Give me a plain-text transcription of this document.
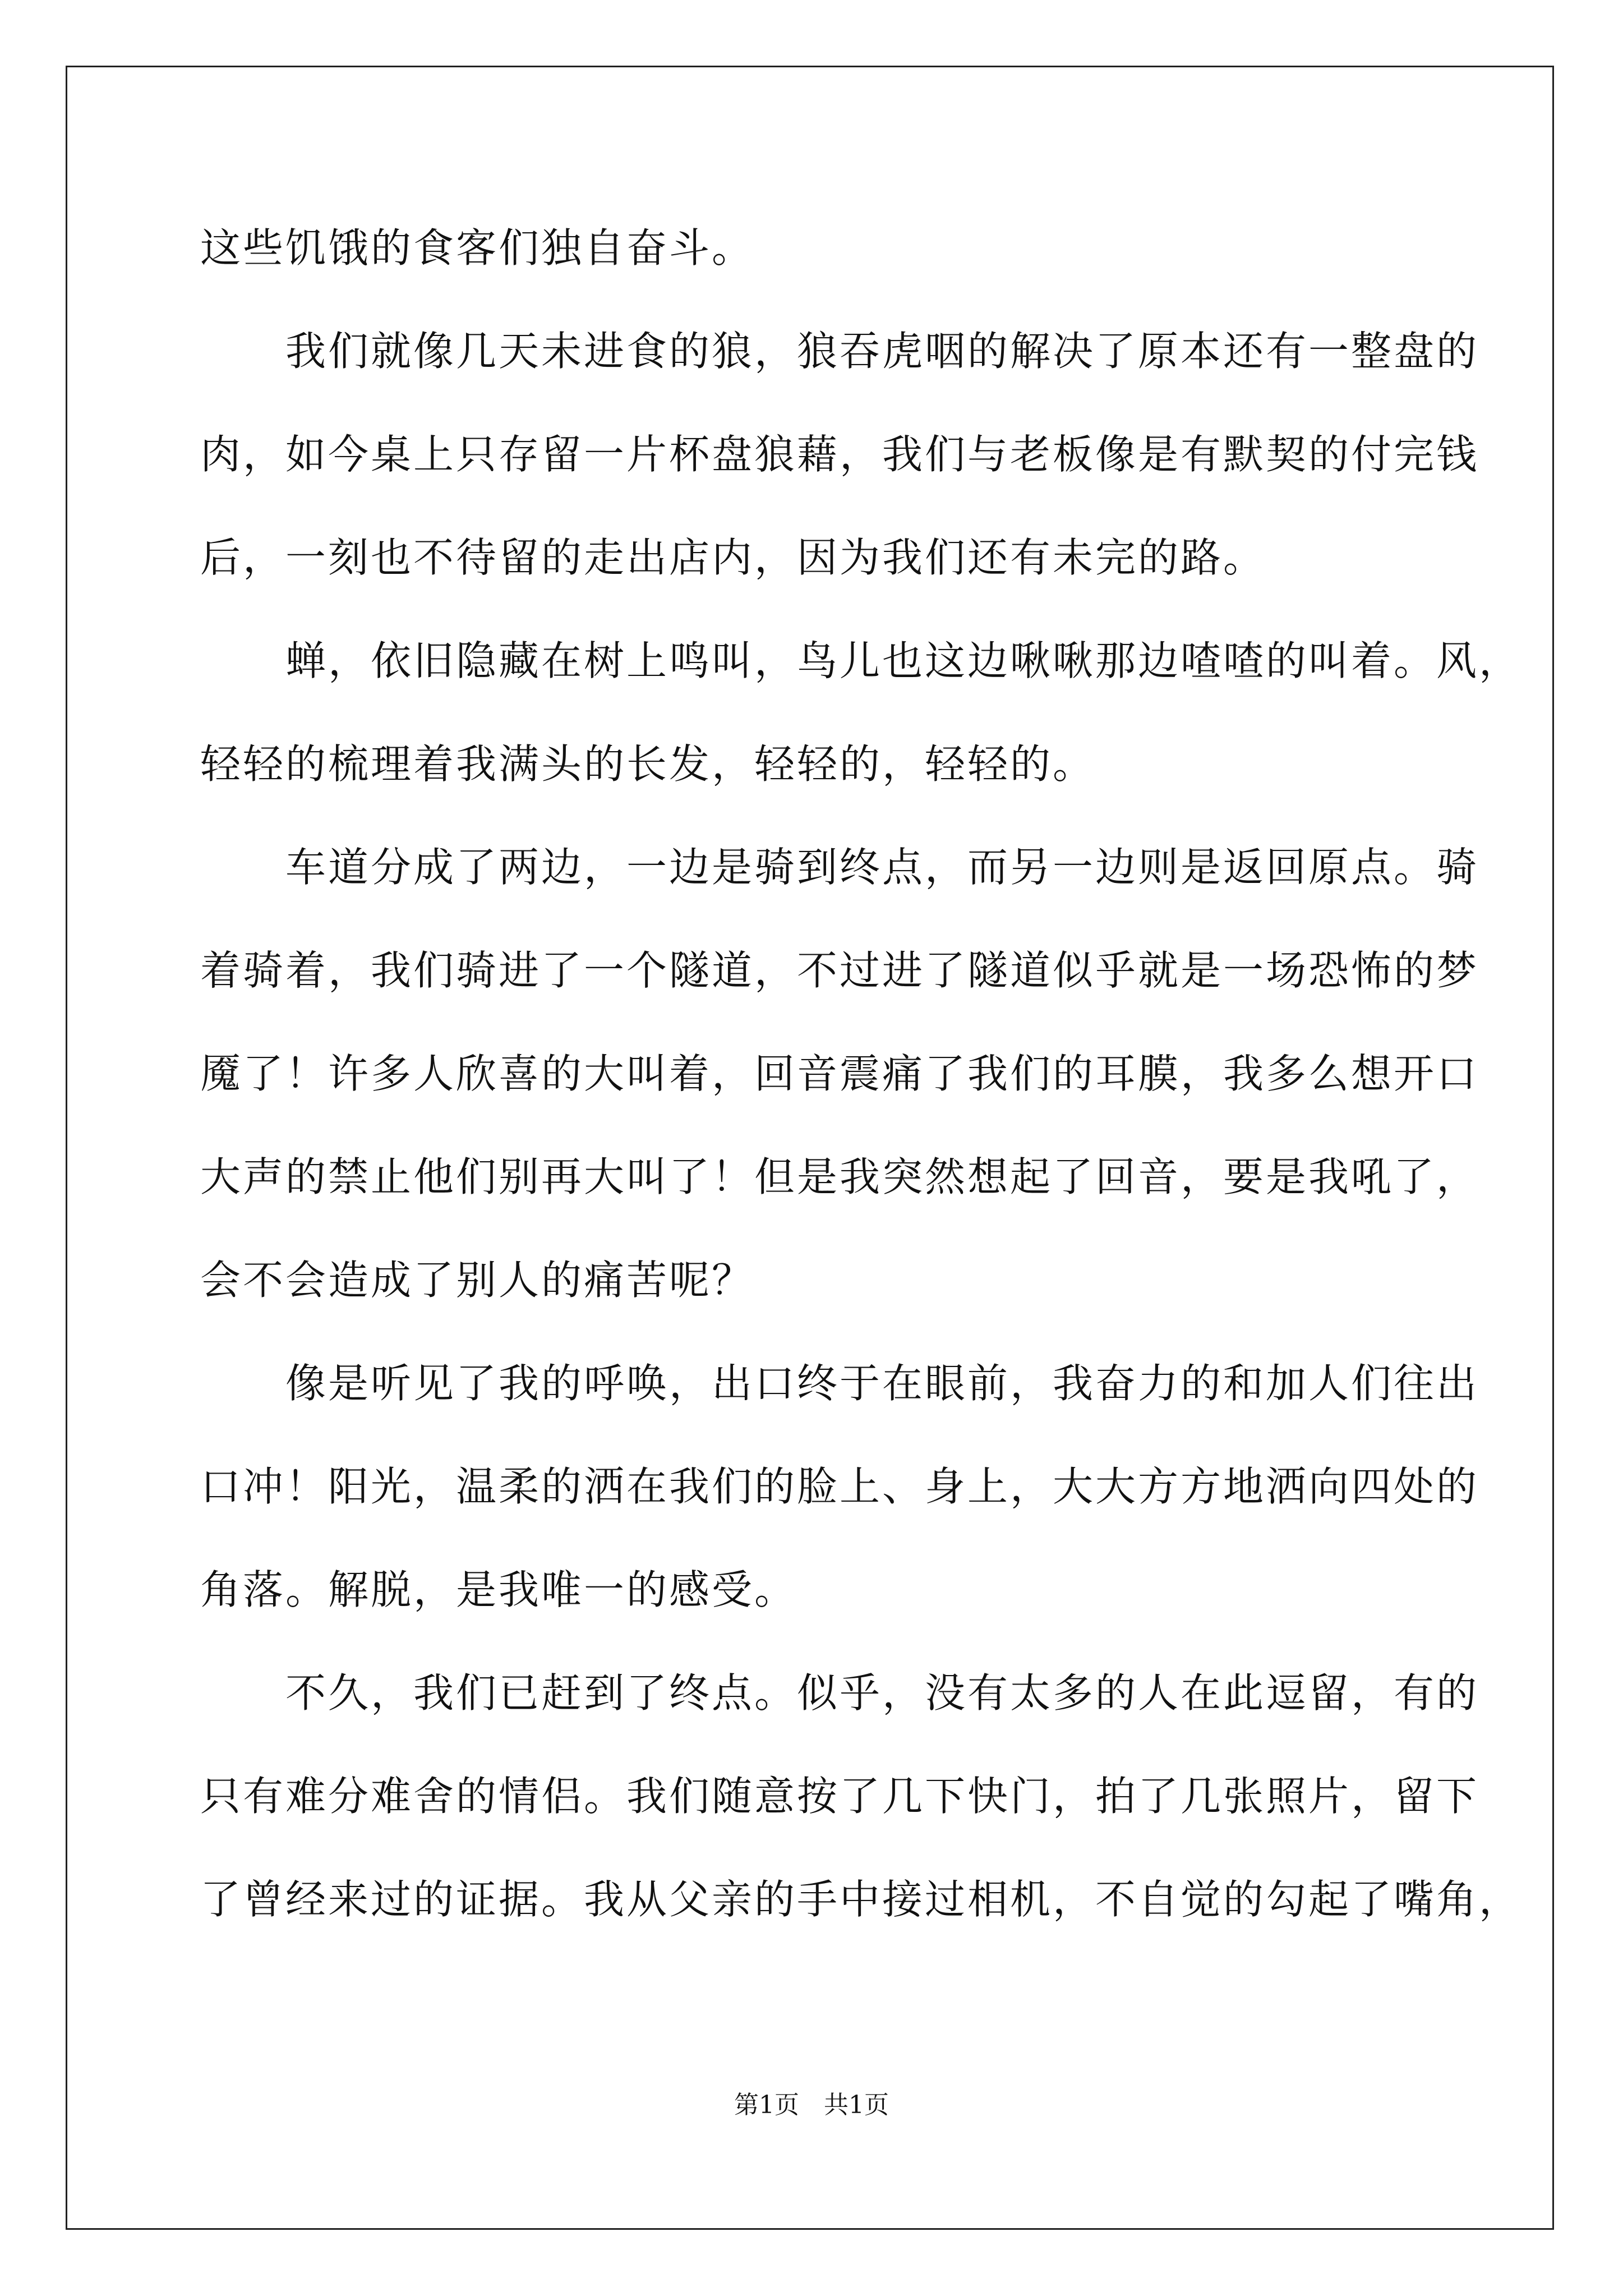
这些饥饿的食客们独自奋斗。
　　我们就像几天未进食的狼，狼吞虎咽的解决了原本还有一整盘的
肉，如今桌上只存留一片杯盘狼藉，我们与老板像是有默契的付完钱
后，一刻也不待留的走出店内，因为我们还有未完的路。
　　蝉，依旧隐藏在树上鸣叫，鸟儿也这边啾啾那边喳喳的叫着。风，
轻轻的梳理着我满头的长发，轻轻的，轻轻的。
　　车道分成了两边，一边是骑到终点，而另一边则是返回原点。骑
着骑着，我们骑进了一个隧道，不过进了隧道似乎就是一场恐怖的梦
魇了！许多人欣喜的大叫着，回音震痛了我们的耳膜，我多么想开口
大声的禁止他们别再大叫了！但是我突然想起了回音，要是我吼了，
会不会造成了别人的痛苦呢？
　　像是听见了我的呼唤，出口终于在眼前，我奋力的和加人们往出
口冲！阳光，温柔的洒在我们的脸上、身上，大大方方地洒向四处的
角落。解脱，是我唯一的感受。
　　不久，我们已赶到了终点。似乎，没有太多的人在此逗留，有的
只有难分难舍的情侣。我们随意按了几下快门，拍了几张照片，留下
了曾经来过的证据。我从父亲的手中接过相机，不自觉的勾起了嘴角，
第1页　共1页
